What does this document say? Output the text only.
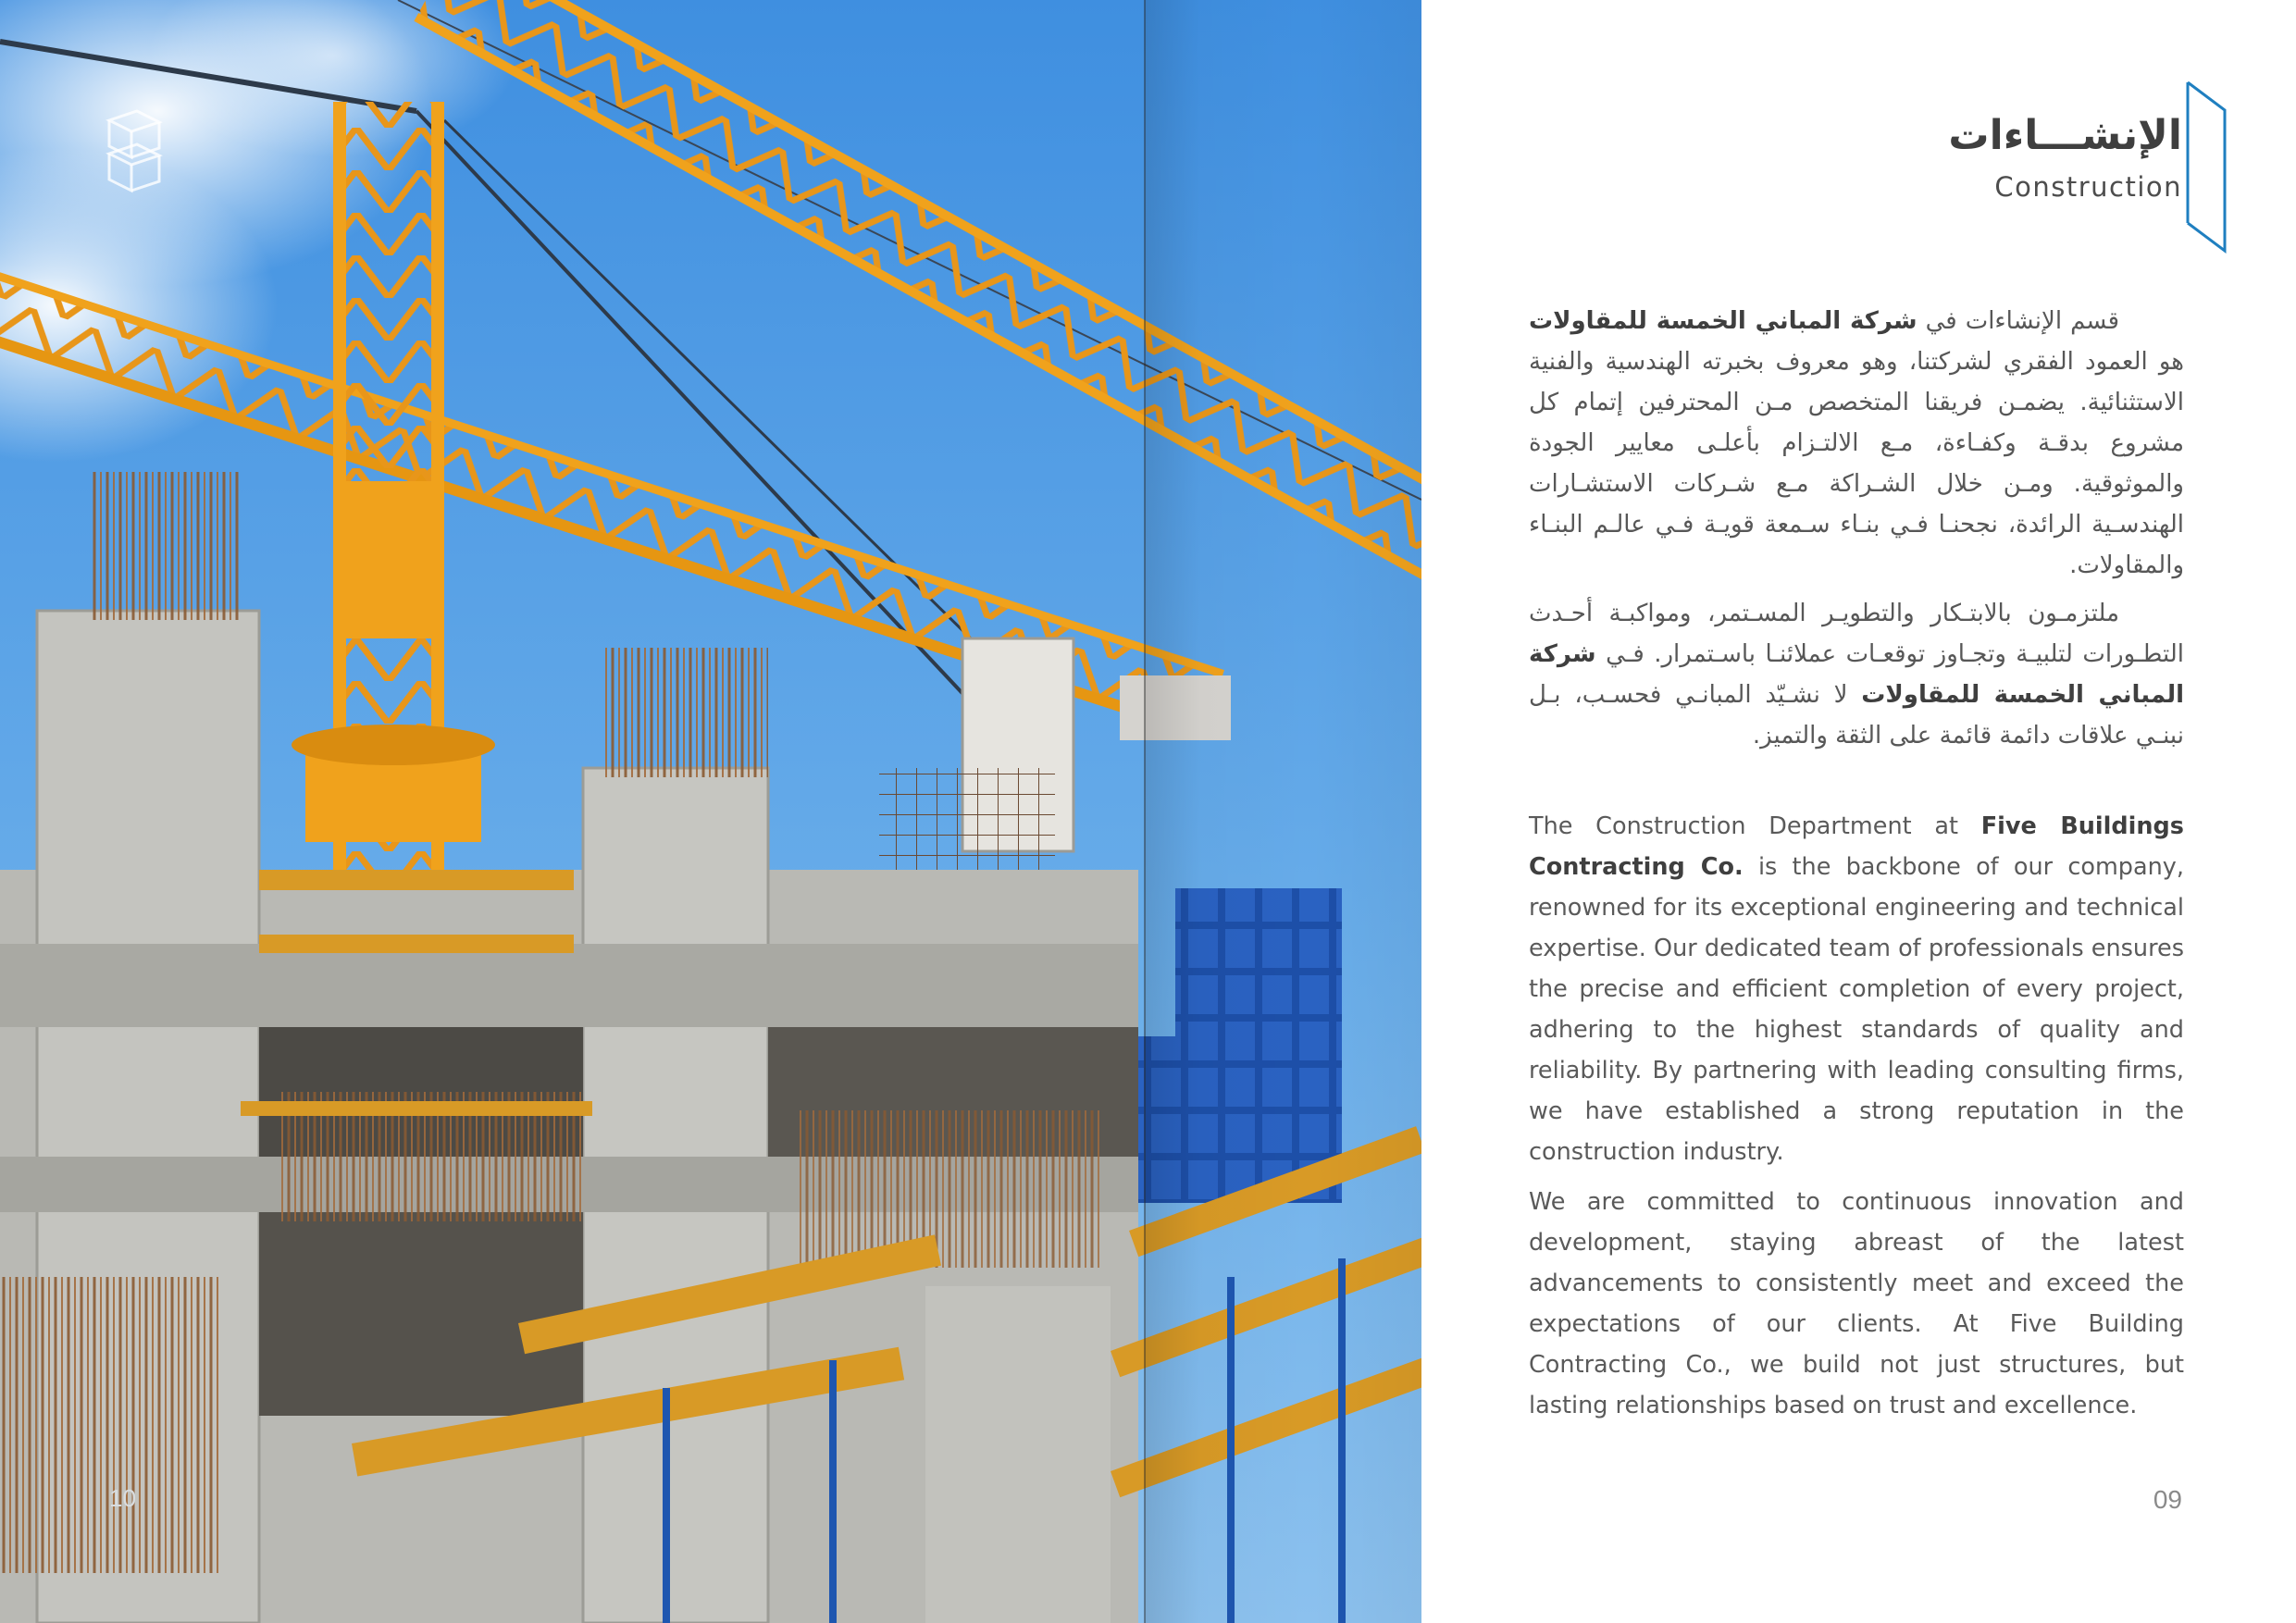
10
الإنشـــاءات
Construction

قسم الإنشاءات في شركة المباني الخمسة للمقاولات هو العمود الفقري لشركتنا، وهو معروف بخبرته الهندسية والفنية الاستثنائية. يضمـن فريقنا المتخصص مـن المحترفين إتمام كل مشروع بدقـة وكفـاءة، مـع الالتـزام بأعلـى معايير الجودة والموثوقية. ومـن خلال الشـراكة مـع شـركات الاستشـارات الهندسـية الرائدة، نجحنـا فـي بنـاء سـمعة قويـة فـي عالـم البنـاء والمقاولات.

ملتزمـون بالابتـكار والتطويـر المسـتمر، ومواكبـة أحـدث التطـورات لتلبيـة وتجـاوز توقعـات عملائنـا باسـتمرار. فـي شركة المباني الخمسة للمقاولات لا نشـيّد المبانـي فحسـب، بـل نبنـي علاقات دائمة قائمة على الثقة والتميز.

The Construction Department at Five Buildings Contracting Co. is the backbone of our company, renowned for its exceptional engineering and technical expertise. Our dedicated team of professionals ensures the precise and efficient completion of every project, adhering to the highest standards of quality and reliability. By partnering with leading consulting firms, we have established a strong reputation in the construction industry.

We are committed to continuous innovation and development, staying abreast of the latest advancements to consistently meet and exceed the expectations of our clients. At Five Building Contracting Co., we build not just structures, but lasting relationships based on trust and excellence.

09
